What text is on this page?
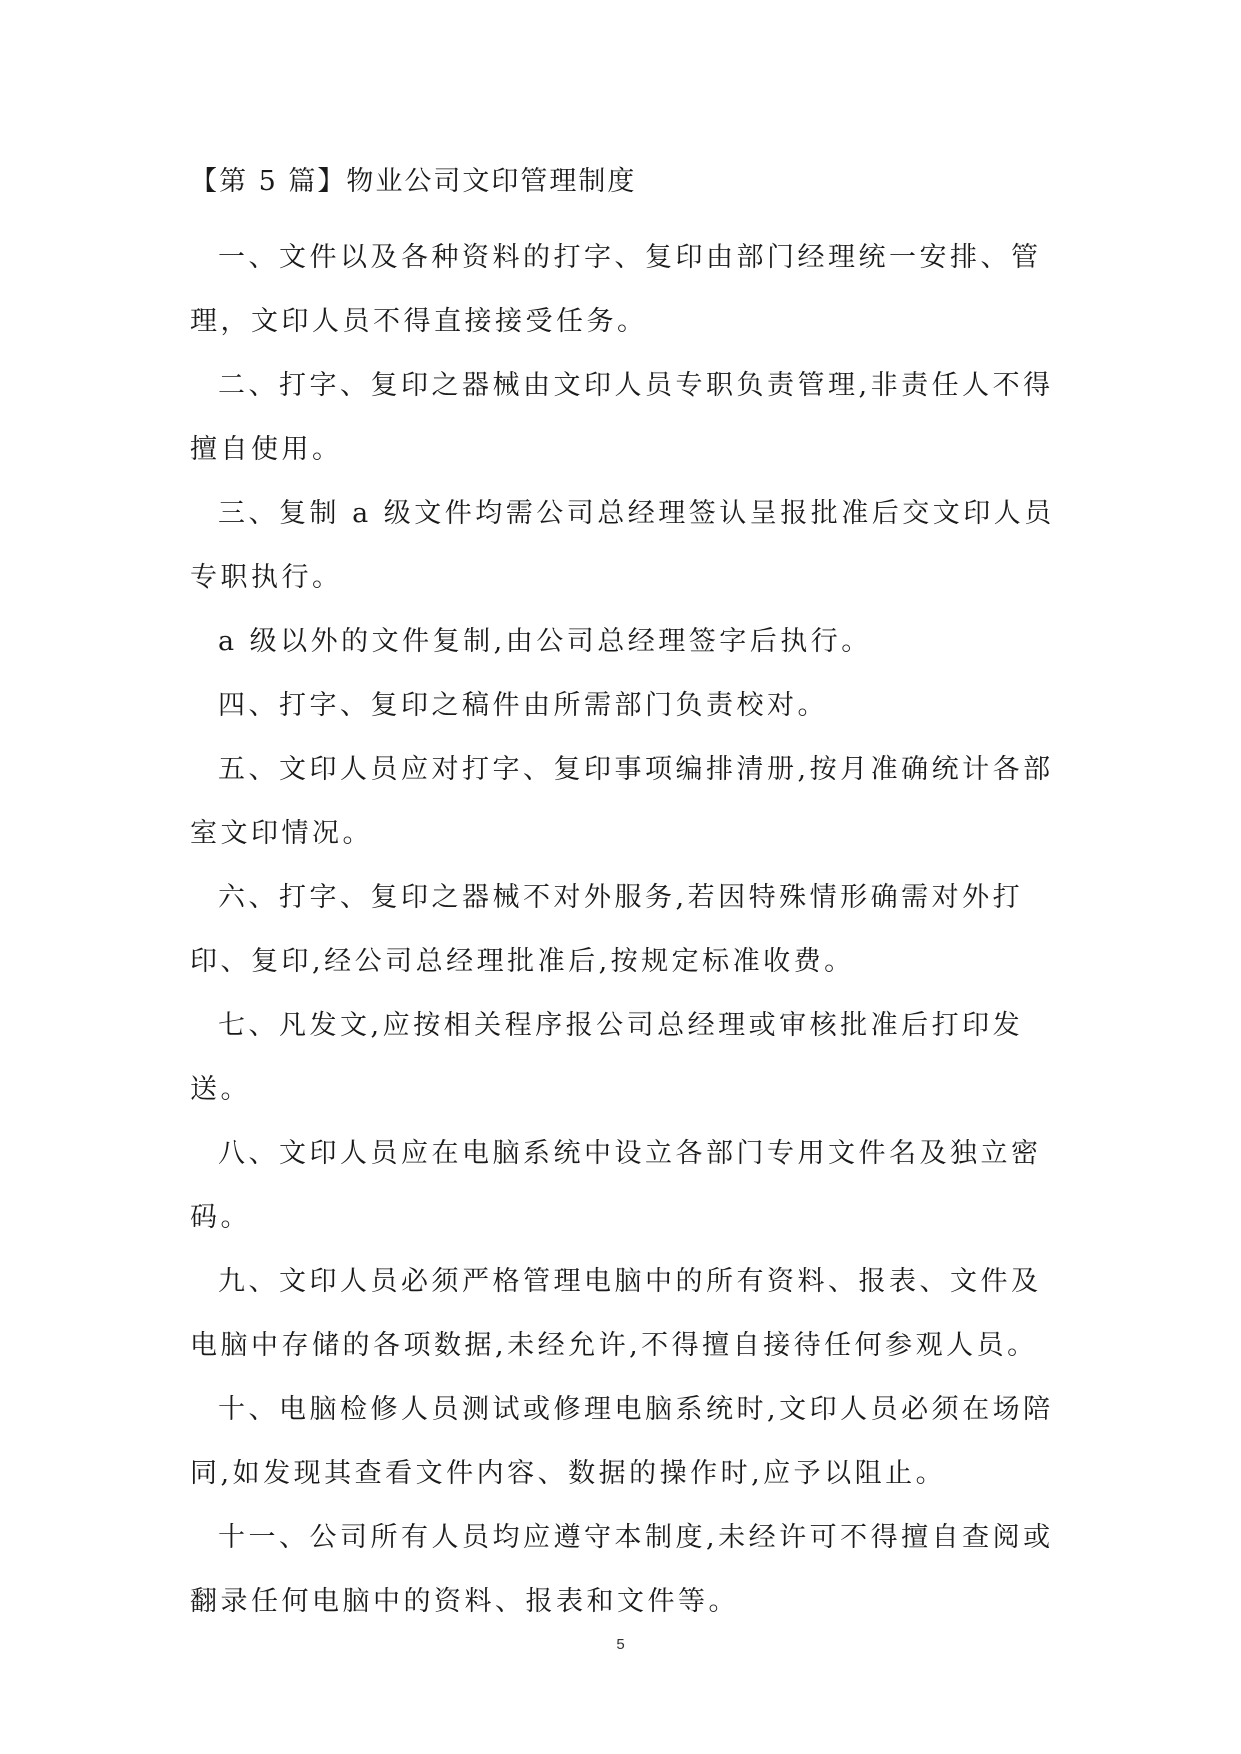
【第 5 篇】物业公司文印管理制度

一、文件以及各种资料的打字、复印由部门经理统一安排、管理，文印人员不得直接接受任务。

二、打字、复印之器械由文印人员专职负责管理,非责任人不得擅自使用。

三、复制 a 级文件均需公司总经理签认呈报批准后交文印人员专职执行。

a 级以外的文件复制,由公司总经理签字后执行。

四、打字、复印之稿件由所需部门负责校对。

五、文印人员应对打字、复印事项编排清册,按月准确统计各部室文印情况。

六、打字、复印之器械不对外服务,若因特殊情形确需对外打印、复印,经公司总经理批准后,按规定标准收费。

七、凡发文,应按相关程序报公司总经理或审核批准后打印发送。

八、文印人员应在电脑系统中设立各部门专用文件名及独立密码。

九、文印人员必须严格管理电脑中的所有资料、报表、文件及电脑中存储的各项数据,未经允许,不得擅自接待任何参观人员。

十、电脑检修人员测试或修理电脑系统时,文印人员必须在场陪同,如发现其查看文件内容、数据的操作时,应予以阻止。

十一、公司所有人员均应遵守本制度,未经许可不得擅自查阅或翻录任何电脑中的资料、报表和文件等。

5
